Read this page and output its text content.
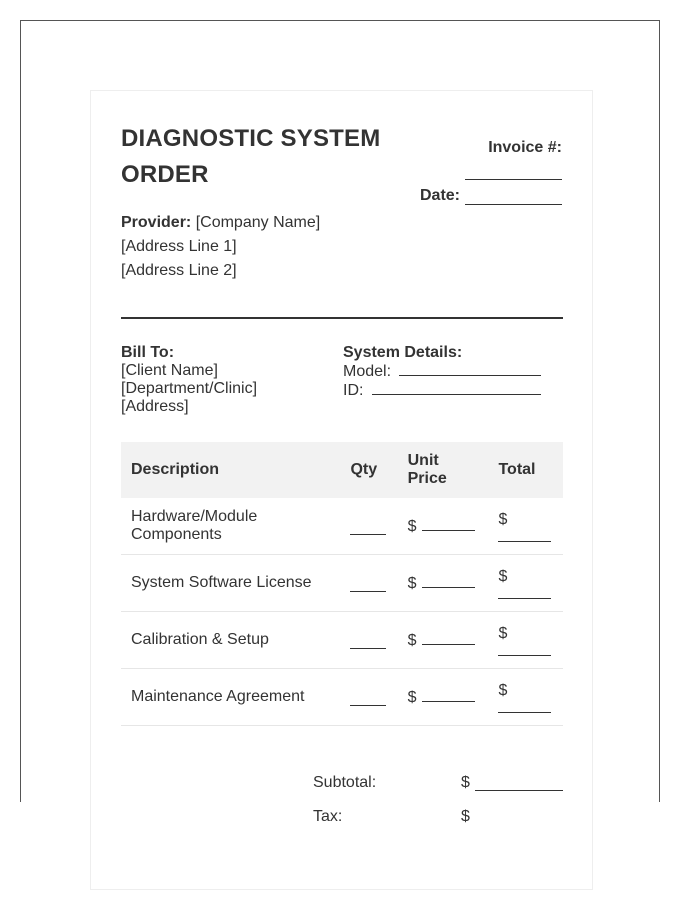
DIAGNOSTIC SYSTEM ORDER
Invoice #:
Date:
Provider: [Company Name]
[Address Line 1]
[Address Line 2]
Bill To:
[Client Name]
[Department/Clinic]
[Address]
System Details:
Model:
ID:
Description	Qty	Unit Price	Total
Hardware/Module Components		$	$

System Software License		$	$

Calibration & Setup		$	$

Maintenance Agreement		$	$
Subtotal:	$
Tax:	$
